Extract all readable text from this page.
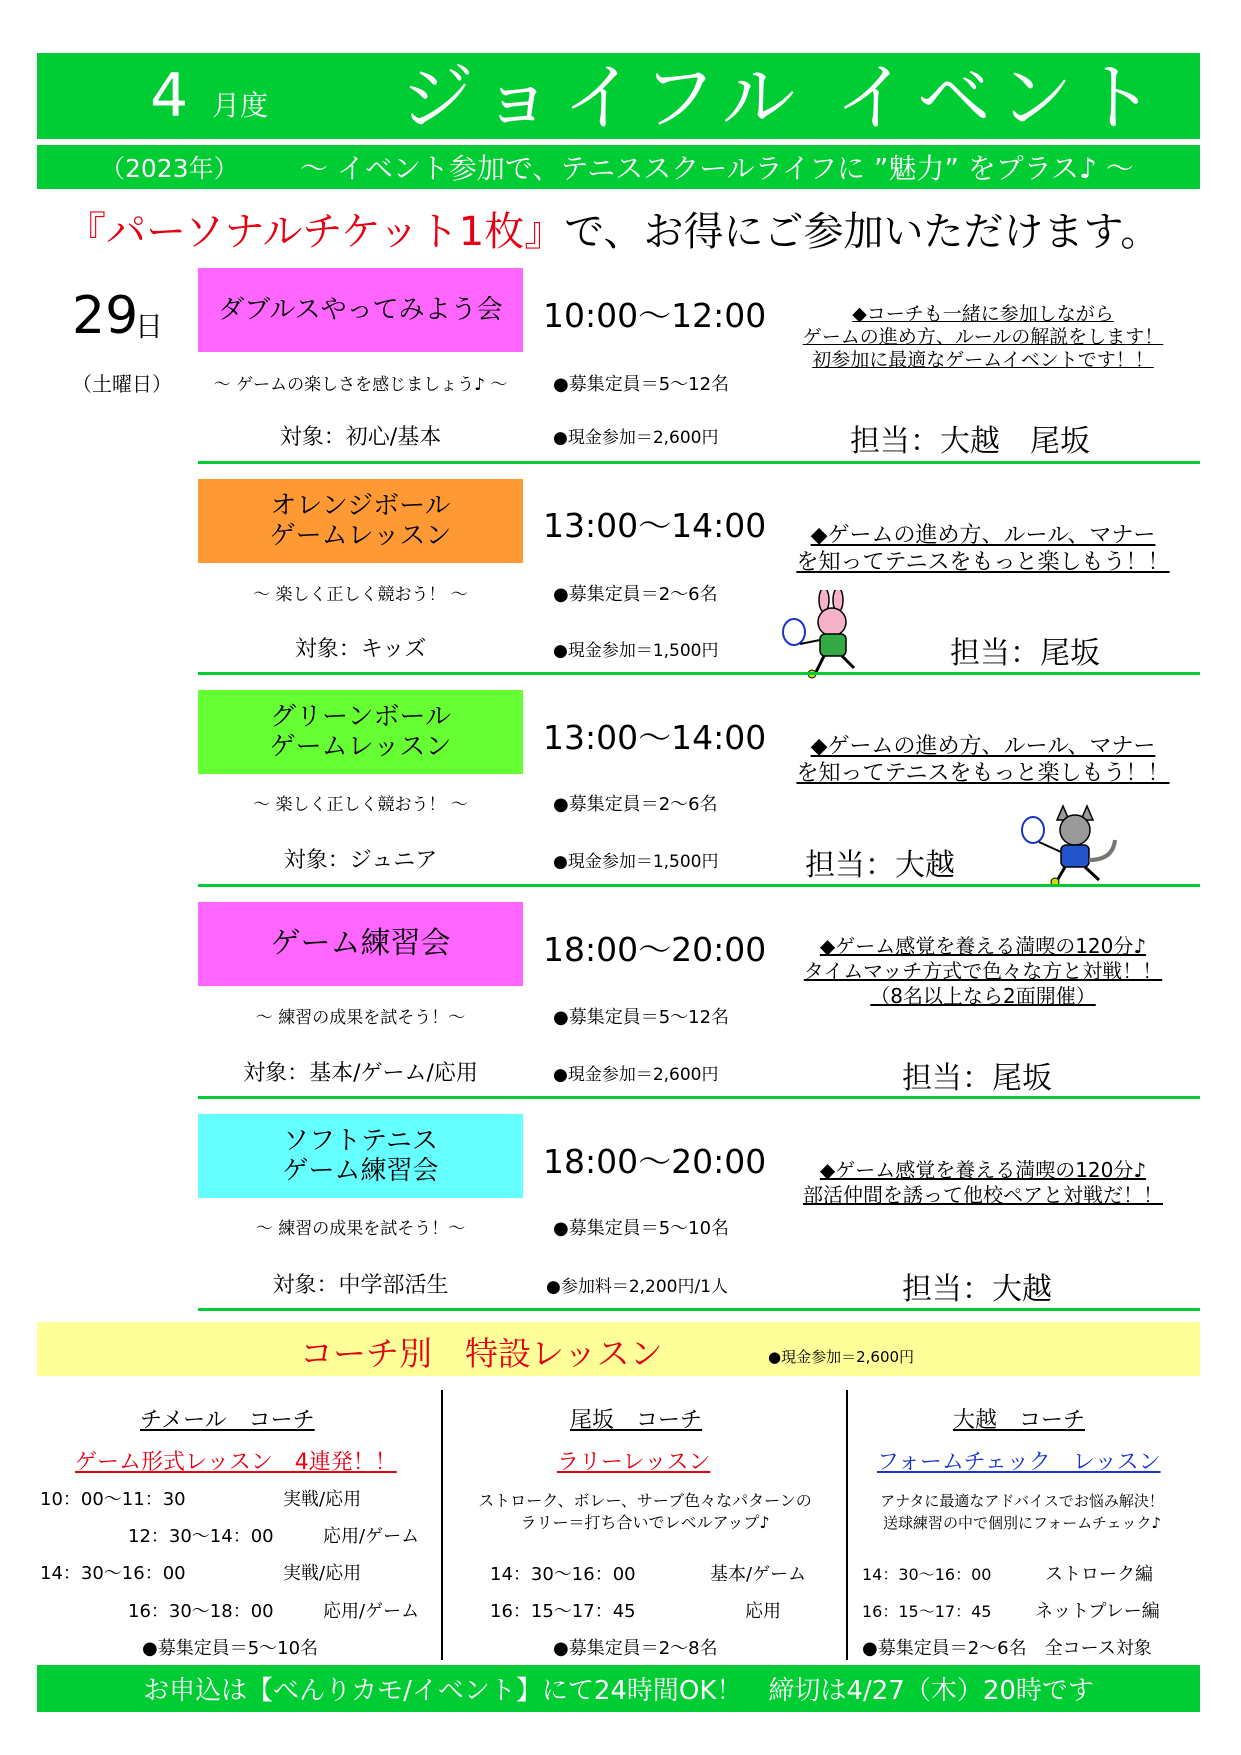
4 月度 ジョイフル イベント
（2023年） ～ イベント参加で、テニススクールライフに ”魅力” をプラス♪ ～
『パーソナルチケット1枚』で、お得にご参加いただけます。
29
日
（土曜日）
ダブルスやってみよう会 10:00～12:00
～ ゲームの楽しさを感じましょう♪ ～
対象：初心/基本
●募集定員＝5～12名
●現金参加＝2,600円
◆コーチも一緒に参加しながら
ゲームの進め方、ルールの解説をします！
初参加に最適なゲームイベントです！！
担当：大越　尾坂
オレンジボール
ゲームレッスン	13:00～14:00
～ 楽しく正しく競おう！ ～
対象：キッズ
●募集定員＝2～6名
●現金参加＝1,500円
◆ゲームの進め方、ルール、マナー
を知ってテニスをもっと楽しもう！！
担当：尾坂
グリーンボール
ゲームレッスン	13:00～14:00
～ 楽しく正しく競おう！ ～
対象：ジュニア
●募集定員＝2～6名
●現金参加＝1,500円
◆ゲームの進め方、ルール、マナー
を知ってテニスをもっと楽しもう！！
担当：大越
ゲーム練習会	18:00～20:00
～ 練習の成果を試そう！～
対象：基本/ゲーム/応用
●募集定員＝5～12名
●現金参加＝2,600円
◆ゲーム感覚を養える満喫の120分♪
タイムマッチ方式で色々な方と対戦！！
（8名以上なら2面開催）
担当：尾坂
ソフトテニス
ゲーム練習会	18:00～20:00
～ 練習の成果を試そう！～
対象：中学部活生
●募集定員＝5～10名
●参加料＝2,200円/1人
◆ゲーム感覚を養える満喫の120分♪
部活仲間を誘って他校ペアと対戦だ！！
担当：大越
コーチ別　特設レッスン	●現金参加＝2,600円
チメール　コーチ
ゲーム形式レッスン　4連発！！
10：00～11：30	実戦/応用
12：30～14：00	応用/ゲーム
14：30～16：00	実戦/応用
16：30～18：00	応用/ゲーム
●募集定員＝5～10名
尾坂　コーチ
ラリーレッスン
ストローク、ボレー、サーブ色々なパターンの
ラリー＝打ち合いでレベルアップ♪
14：30～16：00	基本/ゲーム
16：15～17：45	応用
●募集定員＝2～8名
大越　コーチ
フォームチェック　レッスン
アナタに最適なアドバイスでお悩み解決！
送球練習の中で個別にフォームチェック♪
14：30～16：00	ストローク編
16：15～17：45 ネットプレー編
●募集定員＝2～6名　全コース対象
お申込は【べんりカモ/イベント】にて24時間OK！　締切は4/27（木）20時です
